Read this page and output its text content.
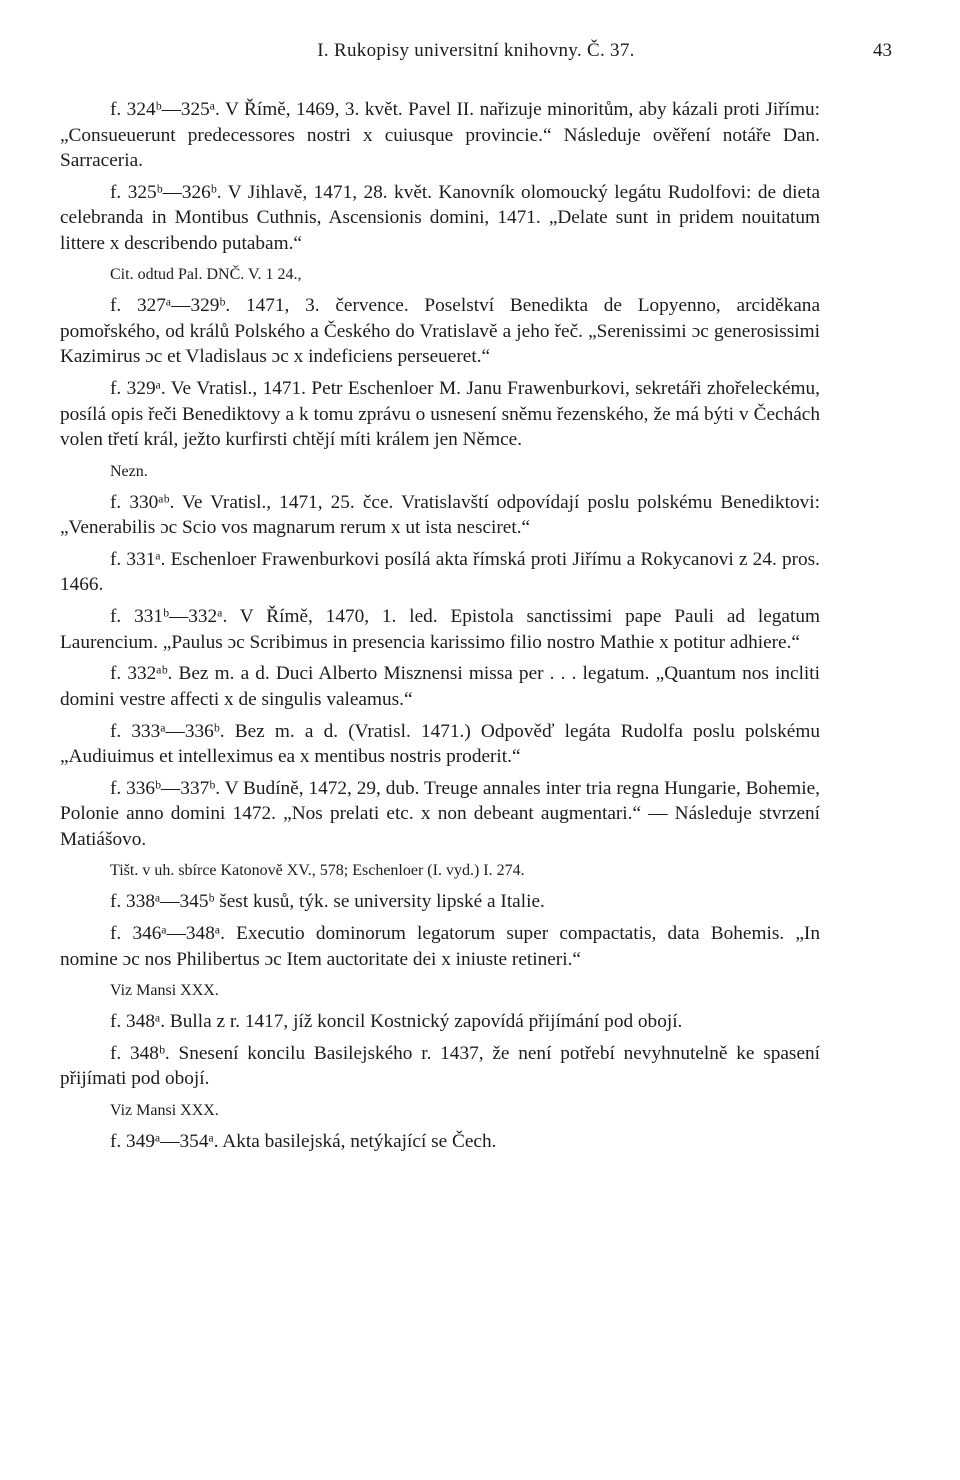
I. Rukopisy universitní knihovny. Č. 37.	43

f. 324ᵇ—325ᵃ. V Římě, 1469, 3. květ. Pavel II. nařizuje minoritům, aby kázali proti Jiřímu: „Consueuerunt predecessores nostri x cuiusque provincie.“ Následuje ověření notáře Dan. Sarraceria.

f. 325ᵇ—326ᵇ. V Jihlavě, 1471, 28. květ. Kanovník olomoucký legátu Rudolfovi: de dieta celebranda in Montibus Cuthnis, Ascensionis domini, 1471. „Delate sunt in pridem nouitatum littere x describendo putabam.“

Cit. odtud Pal. DNČ. V. 1 24.,

f. 327ᵃ—329ᵇ. 1471, 3. července. Poselství Benedikta de Lopyenno, arciděkana pomořského, od králů Polského a Českého do Vratislavě a jeho řeč. „Serenissimi ɔc generosissimi Kazimirus ɔc et Vladislaus ɔc x indeficiens perseueret.“

f. 329ᵃ. Ve Vratisl., 1471. Petr Eschenloer M. Janu Frawenburkovi, sekretáři zhořeleckému, posílá opis řeči Benediktovy a k tomu zprávu o usnesení sněmu řezenského, že má býti v Čechách volen třetí král, ježto kurfirsti chtějí míti králem jen Němce.

Nezn.

f. 330ᵃᵇ. Ve Vratisl., 1471, 25. čce. Vratislavští odpovídají poslu polskému Benediktovi: „Venerabilis ɔc Scio vos magnarum rerum x ut ista nesciret.“

f. 331ᵃ. Eschenloer Frawenburkovi posílá akta římská proti Jiřímu a Rokycanovi z 24. pros. 1466.

f. 331ᵇ—332ᵃ. V Římě, 1470, 1. led. Epistola sanctissimi pape Pauli ad legatum Laurencium. „Paulus ɔc Scribimus in presencia karissimo filio nostro Mathie x potitur adhiere.“

f. 332ᵃᵇ. Bez m. a d. Duci Alberto Misznensi missa per . . . legatum. „Quantum nos incliti domini vestre affecti x de singulis valeamus.“

f. 333ᵃ—336ᵇ. Bez m. a d. (Vratisl. 1471.) Odpověď legáta Rudolfa poslu polskému „Audiuimus et intelleximus ea x mentibus nostris proderit.“

f. 336ᵇ—337ᵇ. V Budíně, 1472, 29, dub. Treuge annales inter tria regna Hungarie, Bohemie, Polonie anno domini 1472. „Nos prelati etc. x non debeant augmentari.“ — Následuje stvrzení Matiášovo.

Tišt. v uh. sbírce Katonově XV., 578; Eschenloer (I. vyd.) I. 274.

f. 338ᵃ—345ᵇ šest kusů, týk. se university lipské a Italie.

f. 346ᵃ—348ᵃ. Executio dominorum legatorum super compactatis, data Bohemis. „In nomine ɔc nos Philibertus ɔc Item auctoritate dei x iniuste retineri.“

Viz Mansi XXX.

f. 348ᵃ. Bulla z r. 1417, jíž koncil Kostnický zapovídá přijímání pod obojí.

f. 348ᵇ. Snesení koncilu Basilejského r. 1437, že není potřebí nevyhnutelně ke spasení přijímati pod obojí.

Viz Mansi XXX.

f. 349ᵃ—354ᵃ. Akta basilejská, netýkající se Čech.
